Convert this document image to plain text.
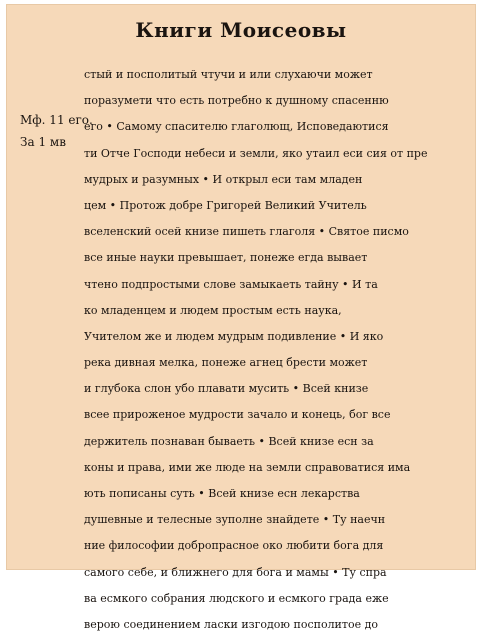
Книги Моисеовы
Мф. 11 его.
За 1 мв
стый и посполитый чтучи и или слухаючи может
поразумети что есть потребно к душному спасенню
его • Самому спасителю глаголющ, Исповедаютися
ти Отче Господи небеси и земли, яко утаил еси сия от пре
мудрых и разумных • И открыл еси там младен
цем • Протож добре Григорей Великий Учитель
вселенский осей книзе пишеть глаголя • Святое писмо
все иные науки превышает, понеже егда вывает
чтено подпростыми слове замыкаеть тайну • И та
ко младенцем и людем простым есть наука,
Учителом же и людем мудрым подивление • И яко
река дивная мелка, понеже агнец брести может
и глубока слон убо плавати мусить • Всей книзе
всее прироженое мудрости зачало и конець, бог все
держитель познаван бываеть • Всей книзе есн за
коны и права, ими же люде на земли справоватися има
ють пописаны суть • Всей книзе есн лекарства
душевные и телесные зуполне знайдете • Ту наечн
ние философии добропрасное око любити бога для
самого себе, и ближнего для бога и мамы • Ту спра
ва есмкого собрания людского и есмкого града еже
верою соединением ласки изгодою посполитое до
